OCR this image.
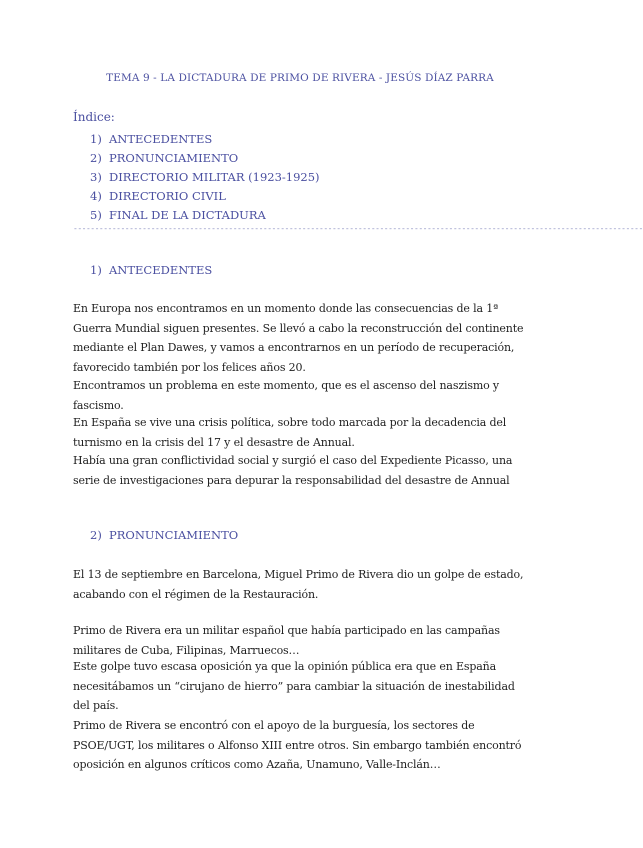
TEMA 9 - LA DICTADURA DE PRIMO DE RIVERA - JESÚS DÍAZ PARRA
Índice:
1) ANTECEDENTES
2) PRONUNCIAMIENTO
3) DIRECTORIO MILITAR (1923-1925)
4) DIRECTORIO CIVIL
5) FINAL DE LA DICTADURA
------------------------------------------------------------------------------------------------------------------------------------
1) ANTECEDENTES

En Europa nos encontramos en un momento donde las consecuencias de la 1ª Guerra Mundial siguen presentes. Se llevó a cabo la reconstrucción del continente mediante el Plan Dawes, y vamos a encontrarnos en un período de recuperación, favorecido también por los felices años 20.

Encontramos un problema en este momento, que es el ascenso del naszismo y fascismo.

En España se vive una crisis política, sobre todo marcada por la decadencia del turnismo en la crisis del 17 y el desastre de Annual.

Había una gran conflictividad social y surgió el caso del Expediente Picasso, una serie de investigaciones para depurar la responsabilidad del desastre de Annual

2) PRONUNCIAMIENTO

El 13 de septiembre en Barcelona, Miguel Primo de Rivera dio un golpe de estado, acabando con el régimen de la Restauración.

Primo de Rivera era un militar español que había participado en las campañas militares de Cuba, Filipinas, Marruecos…

Este golpe tuvo escasa oposición ya que la opinión pública era que en España necesitábamos un “cirujano de hierro” para cambiar la situación de inestabilidad del país.

Primo de Rivera se encontró con el apoyo de la burguesía, los sectores de PSOE/UGT, los militares o Alfonso XIII entre otros. Sin embargo también encontró oposición en algunos críticos como Azaña, Unamuno, Valle-Inclán…
